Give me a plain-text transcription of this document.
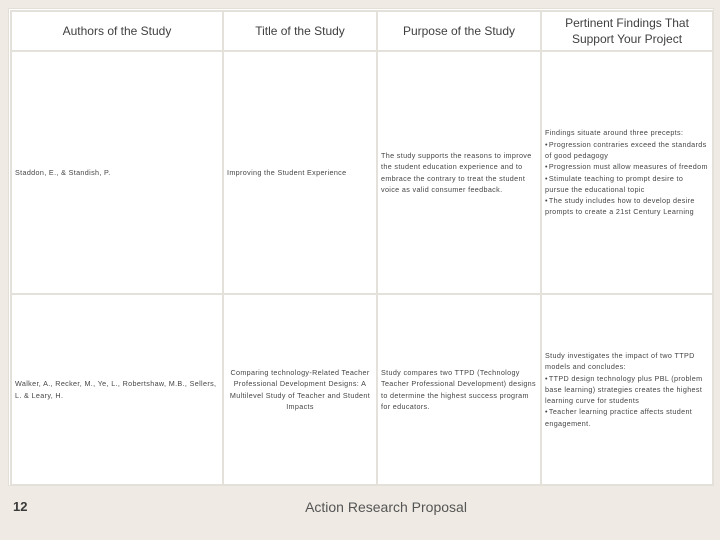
Authors of the Study	Title of the Study	Purpose of the Study	Pertinent Findings That Support Your Project
Staddon, E., & Standish, P.	Improving the Student Experience	The study supports the reasons to improve the student education experience and to embrace the contrary to treat the student voice as valid consumer feedback.	Findings situate around three precepts:
• Progression contraries exceed the standards of good pedagogy
• Progression must allow measures of freedom
• Stimulate teaching to prompt desire to pursue the educational topic
• The study includes how to develop desire prompts to create a 21st Century Learning

Walker, A., Recker, M., Ye, L., Robertshaw, M.B., Sellers, L. & Leary, H.	Comparing technology-Related Teacher Professional Development Designs: A Multilevel Study of Teacher and Student Impacts	Study compares two TTPD (Technology Teacher Professional Development) designs to determine the highest success program for educators.	Study investigates the impact of two TTPD models and concludes:
• TTPD design technology plus PBL (problem base learning) strategies creates the highest learning curve for students
• Teacher learning practice affects student engagement.
12	Action Research Proposal
